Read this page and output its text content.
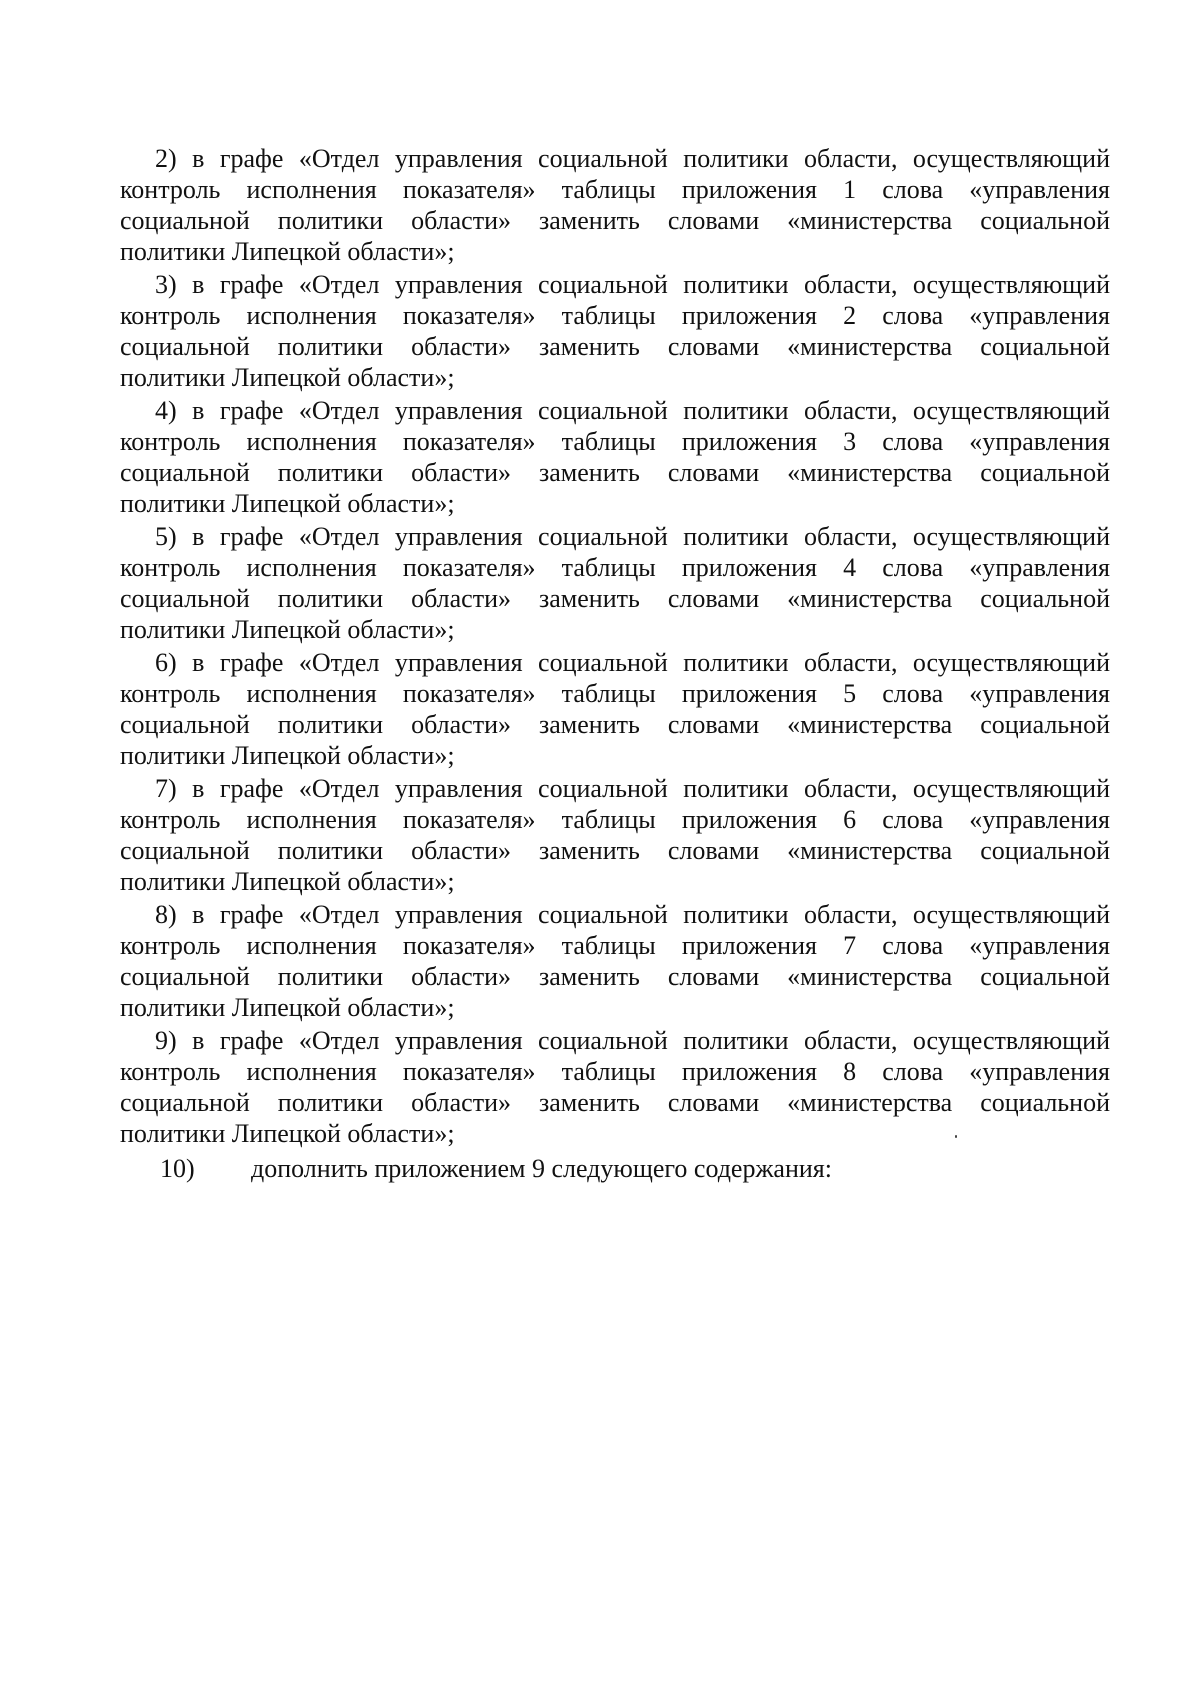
2) в графе «Отдел управления социальной политики области, осуществляющий
контроль исполнения показателя» таблицы приложения 1 слова «управления
социальной политики области» заменить словами «министерства социальной
политики Липецкой области»;
3) в графе «Отдел управления социальной политики области, осуществляющий
контроль исполнения показателя» таблицы приложения 2 слова «управления
социальной политики области» заменить словами «министерства социальной
политики Липецкой области»;
4) в графе «Отдел управления социальной политики области, осуществляющий
контроль исполнения показателя» таблицы приложения 3 слова «управления
социальной политики области» заменить словами «министерства социальной
политики Липецкой области»;
5) в графе «Отдел управления социальной политики области, осуществляющий
контроль исполнения показателя» таблицы приложения 4 слова «управления
социальной политики области» заменить словами «министерства социальной
политики Липецкой области»;
6) в графе «Отдел управления социальной политики области, осуществляющий
контроль исполнения показателя» таблицы приложения 5 слова «управления
социальной политики области» заменить словами «министерства социальной
политики Липецкой области»;
7) в графе «Отдел управления социальной политики области, осуществляющий
контроль исполнения показателя» таблицы приложения 6 слова «управления
социальной политики области» заменить словами «министерства социальной
политики Липецкой области»;
8) в графе «Отдел управления социальной политики области, осуществляющий
контроль исполнения показателя» таблицы приложения 7 слова «управления
социальной политики области» заменить словами «министерства социальной
политики Липецкой области»;
9) в графе «Отдел управления социальной политики области, осуществляющий
контроль исполнения показателя» таблицы приложения 8 слова «управления
социальной политики области» заменить словами «министерства социальной
политики Липецкой области»;
10) дополнить приложением 9 следующего содержания:
